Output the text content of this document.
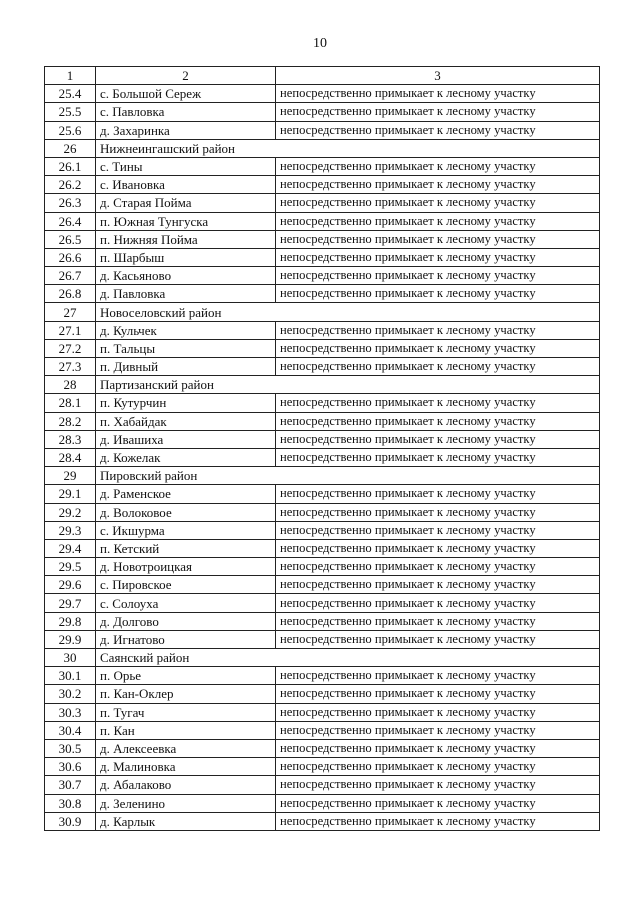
10
1	2	3
25.4	с. Большой Сереж	непосредственно примыкает к лесному участку
25.5	с. Павловка	непосредственно примыкает к лесному участку
25.6	д. Захаринка	непосредственно примыкает к лесному участку
26	Нижнеингашский район	
26.1	с. Тины	непосредственно примыкает к лесному участку
26.2	с. Ивановка	непосредственно примыкает к лесному участку
26.3	д. Старая Пойма	непосредственно примыкает к лесному участку
26.4	п. Южная Тунгуска	непосредственно примыкает к лесному участку
26.5	п. Нижняя Пойма	непосредственно примыкает к лесному участку
26.6	п. Шарбыш	непосредственно примыкает к лесному участку
26.7	д. Касьяново	непосредственно примыкает к лесному участку
26.8	д. Павловка	непосредственно примыкает к лесному участку
27	Новоселовский район	
27.1	д. Кульчек	непосредственно примыкает к лесному участку
27.2	п. Тальцы	непосредственно примыкает к лесному участку
27.3	п. Дивный	непосредственно примыкает к лесному участку
28	Партизанский район	
28.1	п. Кутурчин	непосредственно примыкает к лесному участку
28.2	п. Хабайдак	непосредственно примыкает к лесному участку
28.3	д. Ивашиха	непосредственно примыкает к лесному участку
28.4	д. Кожелак	непосредственно примыкает к лесному участку
29	Пировский район	
29.1	д. Раменское	непосредственно примыкает к лесному участку
29.2	д. Волоковое	непосредственно примыкает к лесному участку
29.3	с. Икшурма	непосредственно примыкает к лесному участку
29.4	п. Кетский	непосредственно примыкает к лесному участку
29.5	д. Новотроицкая	непосредственно примыкает к лесному участку
29.6	с. Пировское	непосредственно примыкает к лесному участку
29.7	с. Солоуха	непосредственно примыкает к лесному участку
29.8	д. Долгово	непосредственно примыкает к лесному участку
29.9	д. Игнатово	непосредственно примыкает к лесному участку
30	Саянский район	
30.1	п. Орье	непосредственно примыкает к лесному участку
30.2	п. Кан-Оклер	непосредственно примыкает к лесному участку
30.3	п. Тугач	непосредственно примыкает к лесному участку
30.4	п. Кан	непосредственно примыкает к лесному участку
30.5	д. Алексеевка	непосредственно примыкает к лесному участку
30.6	д. Малиновка	непосредственно примыкает к лесному участку
30.7	д. Абалаково	непосредственно примыкает к лесному участку
30.8	д. Зеленино	непосредственно примыкает к лесному участку
30.9	д. Карлык	непосредственно примыкает к лесному участку
